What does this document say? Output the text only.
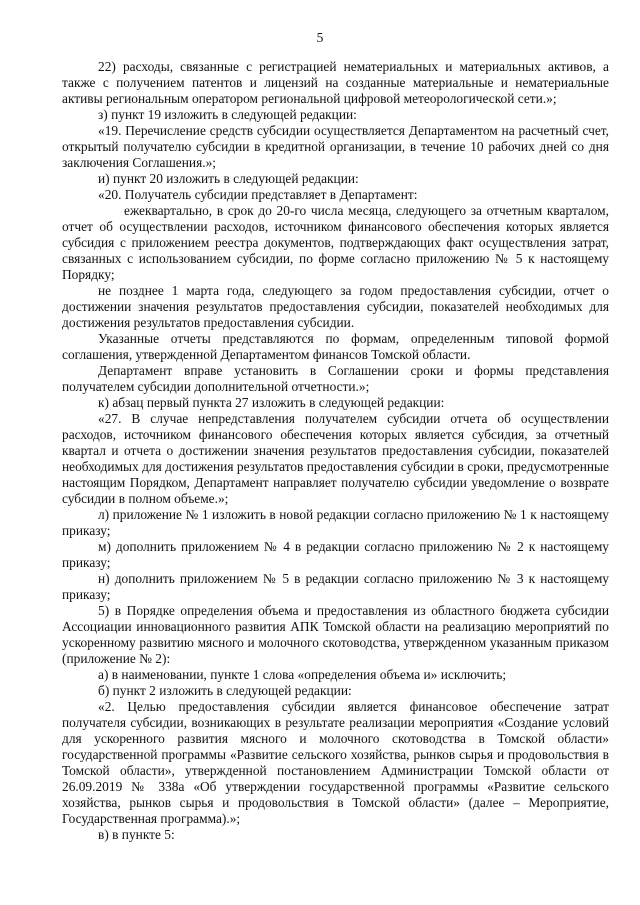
5

22) расходы, связанные с регистрацией нематериальных и материальных активов, а также с получением патентов и лицензий на созданные материальные и нематериальные активы региональным оператором региональной цифровой метеорологической сети.»;

з) пункт 19 изложить в следующей редакции:

«19. Перечисление средств субсидии осуществляется Департаментом на расчетный счет, открытый получателю субсидии в кредитной организации, в течение 10 рабочих дней со дня заключения Соглашения.»;

и) пункт 20 изложить в следующей редакции:

«20. Получатель субсидии представляет в Департамент:

ежеквартально, в срок до 20-го числа месяца, следующего за отчетным кварталом, отчет об осуществлении расходов, источником финансового обеспечения которых является субсидия с приложением реестра документов, подтверждающих факт осуществления затрат, связанных с использованием субсидии, по форме согласно приложению № 5 к настоящему Порядку;

не позднее 1 марта года, следующего за годом предоставления субсидии, отчет о достижении значения результатов предоставления субсидии, показателей необходимых для достижения результатов предоставления субсидии.

Указанные отчеты представляются по формам, определенным типовой формой соглашения, утвержденной Департаментом финансов Томской области.

Департамент вправе установить в Соглашении сроки и формы представления получателем субсидии дополнительной отчетности.»;

к) абзац первый пункта 27 изложить в следующей редакции:

«27. В случае непредставления получателем субсидии отчета об осуществлении расходов, источником финансового обеспечения которых является субсидия, за отчетный квартал и отчета о достижении значения результатов предоставления субсидии, показателей необходимых для достижения результатов предоставления субсидии в сроки, предусмотренные настоящим Порядком, Департамент направляет получателю субсидии уведомление о возврате субсидии в полном объеме.»;

л) приложение № 1 изложить в новой редакции согласно приложению № 1 к настоящему приказу;

м) дополнить приложением № 4 в редакции согласно приложению № 2 к настоящему приказу;

н) дополнить приложением № 5 в редакции согласно приложению № 3 к настоящему приказу;

5) в Порядке определения объема и предоставления из областного бюджета субсидии Ассоциации инновационного развития АПК Томской области на реализацию мероприятий по ускоренному развитию мясного и молочного скотоводства, утвержденном указанным приказом (приложение № 2):

а) в наименовании, пункте 1 слова «определения объема и» исключить;

б) пункт 2 изложить в следующей редакции:

«2. Целью предоставления субсидии является финансовое обеспечение затрат получателя субсидии, возникающих в результате реализации мероприятия «Создание условий для ускоренного развития мясного и молочного скотоводства в Томской области» государственной программы «Развитие сельского хозяйства, рынков сырья и продовольствия в Томской области», утвержденной постановлением Администрации Томской области от 26.09.2019 № 338а «Об утверждении государственной программы «Развитие сельского хозяйства, рынков сырья и продовольствия в Томской области» (далее – Мероприятие, Государственная программа).»;

в) в пункте 5:
